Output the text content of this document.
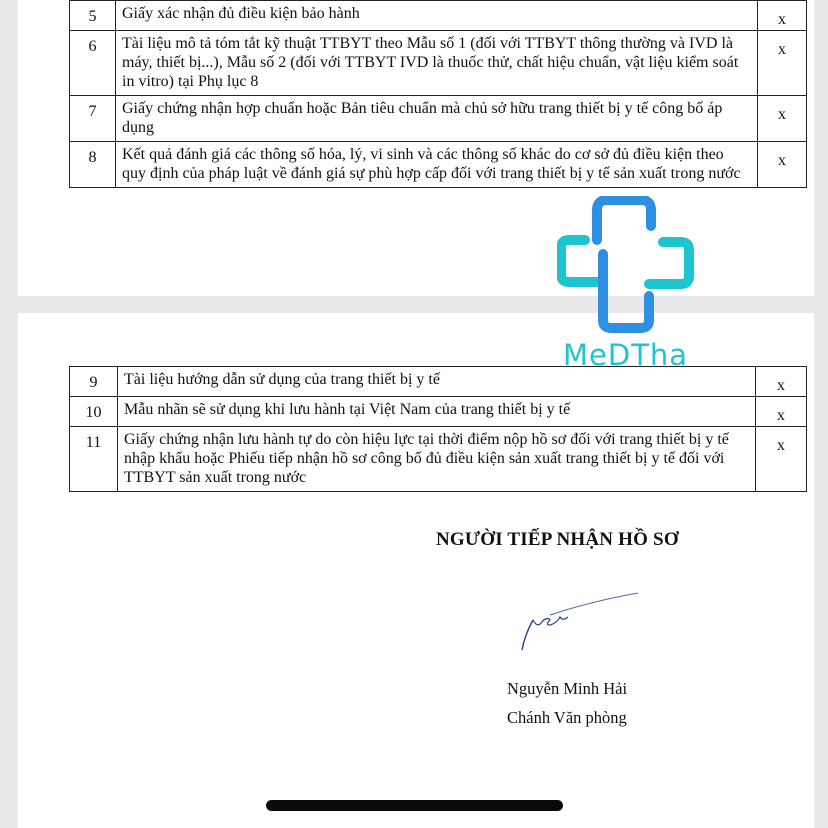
5	Giấy xác nhận đủ điều kiện bảo hành	x
6	Tài liệu mô tả tóm tắt kỹ thuật TTBYT theo Mẫu số 1 (đối với TTBYT thông thường và IVD là máy, thiết bị...), Mẫu số 2 (đối với TTBYT IVD là thuốc thử, chất hiệu chuẩn, vật liệu kiểm soát in vitro) tại Phụ lục 8	x
7	Giấy chứng nhận hợp chuẩn hoặc Bản tiêu chuẩn mà chủ sở hữu trang thiết bị y tế công bố áp dụng	x
8	Kết quả đánh giá các thông số hóa, lý, vi sinh và các thông số khác do cơ sở đủ điều kiện theo quy định của pháp luật về đánh giá sự phù hợp cấp đối với trang thiết bị y tế sản xuất trong nước	x
9	Tài liệu hướng dẫn sử dụng của trang thiết bị y tế	x
10	Mẫu nhãn sẽ sử dụng khi lưu hành tại Việt Nam của trang thiết bị y tế	x
11	Giấy chứng nhận lưu hành tự do còn hiệu lực tại thời điểm nộp hồ sơ đối với trang thiết bị y tế nhập khẩu hoặc Phiếu tiếp nhận hồ sơ công bố đủ điều kiện sản xuất trang thiết bị y tế đối với TTBYT sản xuất trong nước	x
NGƯỜI TIẾP NHẬN HỒ SƠ
Nguyễn Minh Hải
Chánh Văn phòng
MeDTha
